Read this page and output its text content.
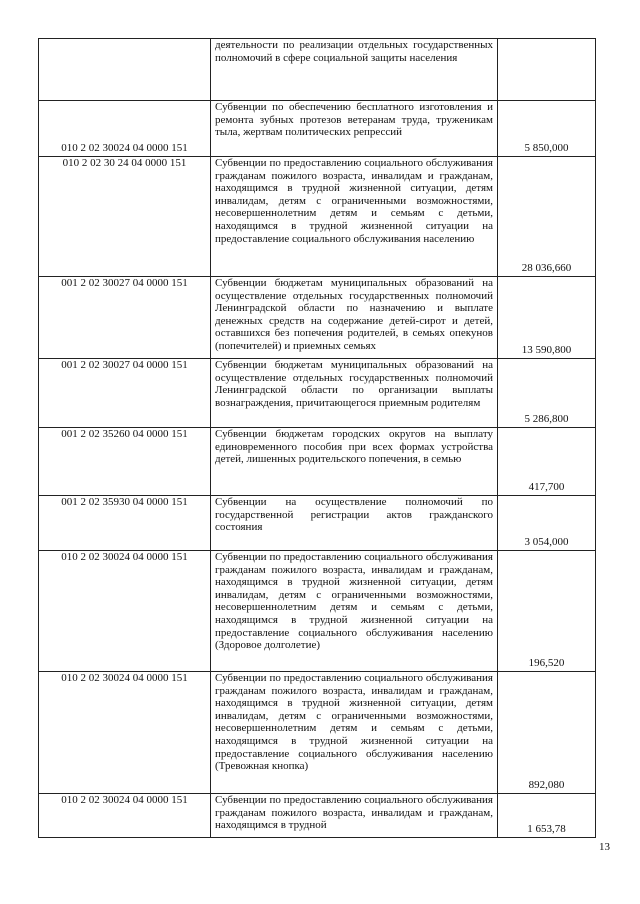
	деятельности по реализации отдельных государственных полномочий в сфере социальной защиты населения	
010 2 02 30024 04 0000 151	Субвенции по обеспечению бесплатного изготовления и ремонта зубных протезов ветеранам труда, труженикам тыла, жертвам политических репрессий	5 850,000
010 2 02 30 24 04 0000 151	Субвенции по предоставлению социального обслуживания гражданам пожилого возраста, инвалидам и гражданам, находящимся в трудной жизненной ситуации, детям инвалидам, детям с ограниченными возможностями, несовершеннолетним детям и семьям с детьми, находящимся в трудной жизненной ситуации на предоставление социального обслуживания населению	28 036,660
001 2 02 30027 04 0000 151	Субвенции бюджетам муниципальных образований на осуществление отдельных государственных полномочий Ленинградской области по назначению и выплате денежных средств на содержание детей-сирот и детей, оставшихся без попечения родителей, в семьях опекунов (попечителей) и приемных семьях	13 590,800
001 2 02 30027 04 0000 151	Субвенции бюджетам муниципальных образований на осуществление отдельных государственных полномочий Ленинградской области по организации выплаты вознаграждения, причитающегося приемным родителям	5 286,800
001 2 02 35260 04 0000 151	Субвенции бюджетам городских округов на выплату единовременного пособия при всех формах устройства детей, лишенных родительского попечения, в семью	417,700
001 2 02 35930 04 0000 151	Субвенции на осуществление полномочий по государственной регистрации актов гражданского состояния	3 054,000
010 2 02 30024 04 0000 151	Субвенции по предоставлению социального обслуживания гражданам пожилого возраста, инвалидам и гражданам, находящимся в трудной жизненной ситуации, детям инвалидам, детям с ограниченными возможностями, несовершеннолетним детям и семьям с детьми, находящимся в трудной жизненной ситуации на предоставление социального обслуживания населению (Здоровое долголетие)	196,520
010 2 02 30024 04 0000 151	Субвенции по предоставлению социального обслуживания гражданам пожилого возраста, инвалидам и гражданам, находящимся в трудной жизненной ситуации, детям инвалидам, детям с ограниченными возможностями, несовершеннолетним детям и семьям с детьми, находящимся в трудной жизненной ситуации на предоставление социального обслуживания населению (Тревожная кнопка)	892,080
010 2 02 30024 04 0000 151	Субвенции по предоставлению социального обслуживания гражданам пожилого возраста, инвалидам и гражданам, находящимся в трудной	1 653,78
13
